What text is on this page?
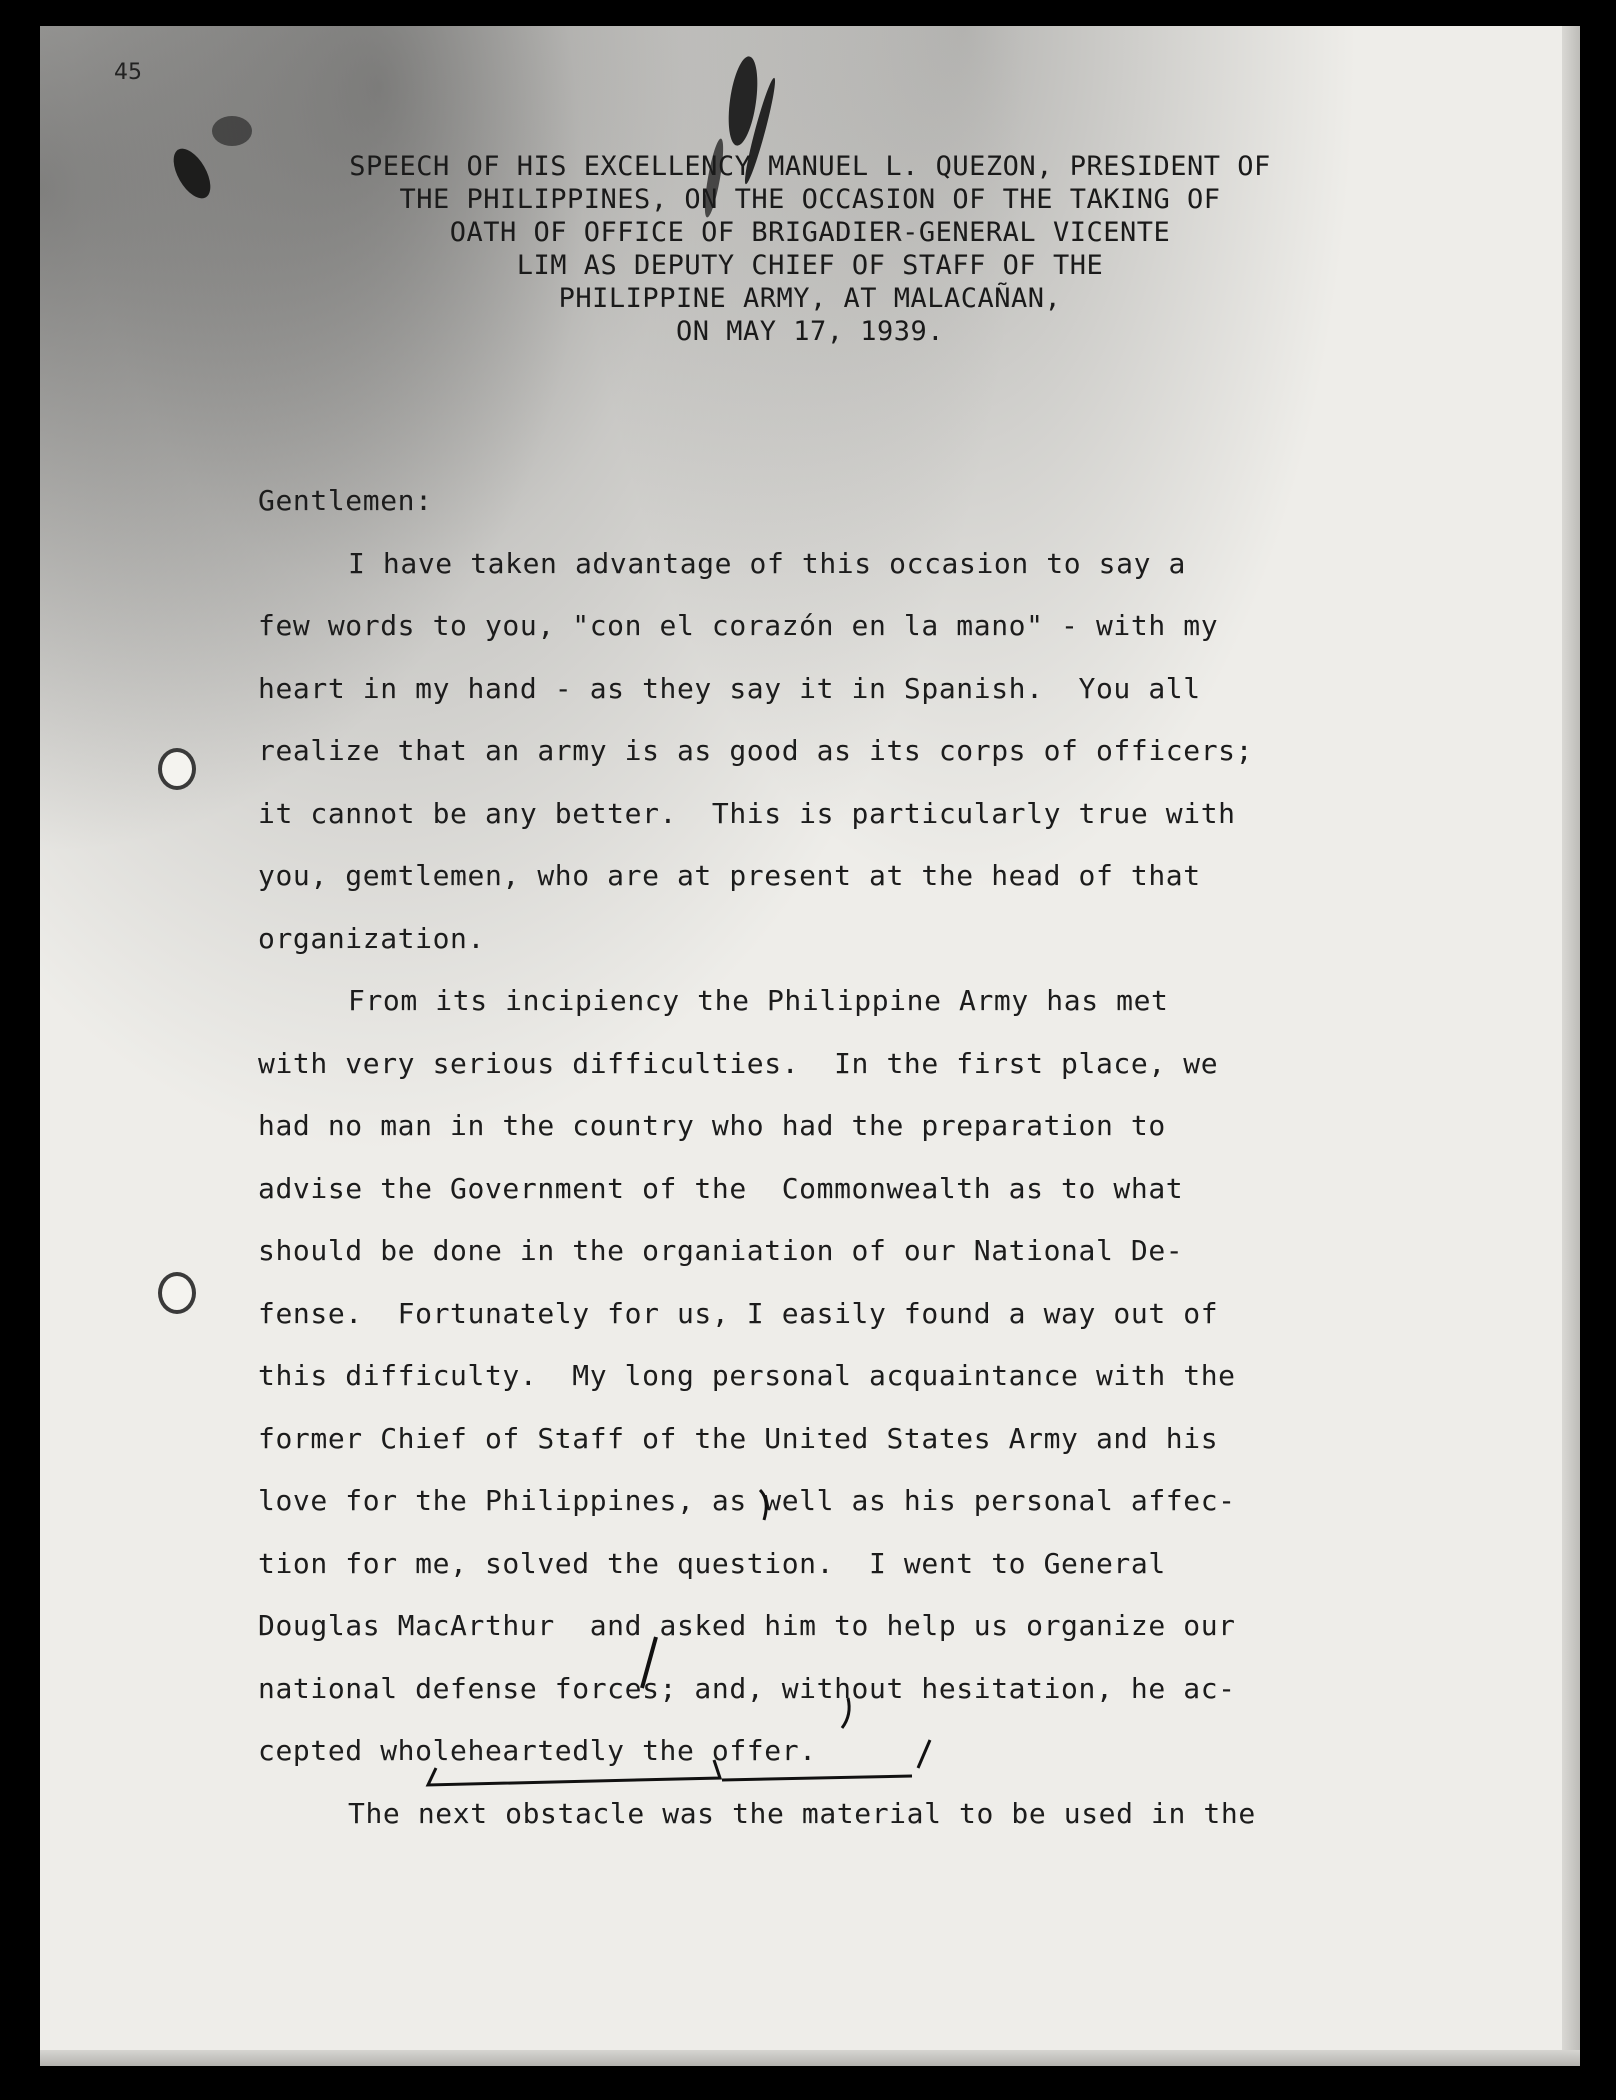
45
SPEECH OF HIS EXCELLENCY MANUEL L. QUEZON, PRESIDENT OF
THE PHILIPPINES, ON THE OCCASION OF THE TAKING OF
OATH OF OFFICE OF BRIGADIER-GENERAL VICENTE
LIM AS DEPUTY CHIEF OF STAFF OF THE
PHILIPPINE ARMY, AT MALACAÑAN,
ON MAY 17, 1939.
Gentlemen:
I have taken advantage of this occasion to say a
few words to you, "con el corazón en la mano" - with my
heart in my hand - as they say it in Spanish.  You all
realize that an army is as good as its corps of officers;
it cannot be any better.  This is particularly true with
you, gemtlemen, who are at present at the head of that
organization.
From its incipiency the Philippine Army has met
with very serious difficulties.  In the first place, we
had no man in the country who had the preparation to
advise the Government of the  Commonwealth as to what
should be done in the organiation of our National De-
fense.  Fortunately for us, I easily found a way out of
this difficulty.  My long personal acquaintance with the
former Chief of Staff of the United States Army and his
love for the Philippines, as well as his personal affec-
tion for me, solved the question.  I went to General
Douglas MacArthur  and asked him to help us organize our
national defense forces; and, without hesitation, he ac-
cepted wholeheartedly the offer.
The next obstacle was the material to be used in the
